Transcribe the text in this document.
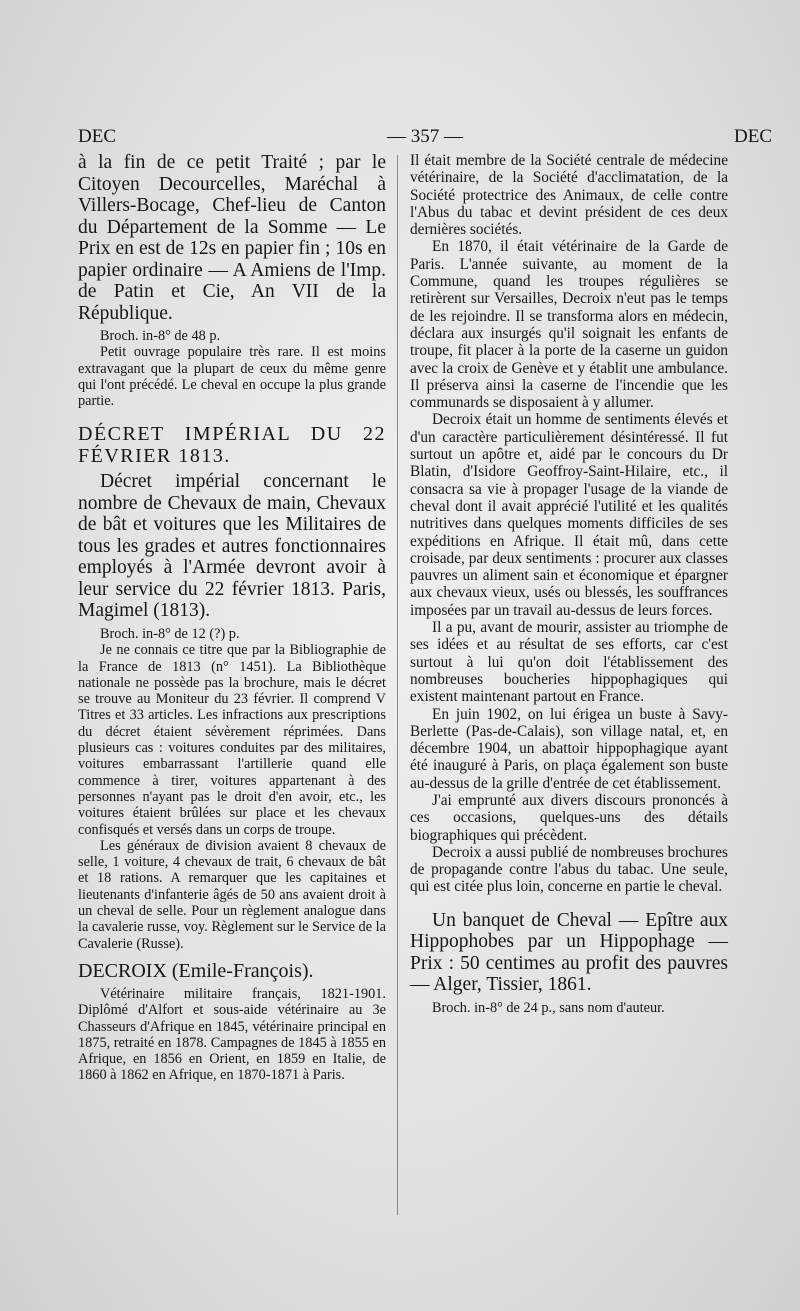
DEC	— 357 —	DEC

à la fin de ce petit Traité ; par le Citoyen Decourcelles, Maréchal à Villers-Bocage, Chef-lieu de Canton du Département de la Somme — Le Prix en est de 12s en papier fin ; 10s en papier ordinaire — A Amiens de l'Imp. de Patin et Cie, An VII de la République.

Broch. in-8° de 48 p.

Petit ouvrage populaire très rare. Il est moins extravagant que la plupart de ceux du même genre qui l'ont précédé. Le cheval en occupe la plus grande partie.

DÉCRET IMPÉRIAL DU 22 FÉVRIER 1813.

Décret impérial concernant le nombre de Chevaux de main, Chevaux de bât et voitures que les Militaires de tous les grades et autres fonctionnaires employés à l'Armée devront avoir à leur service du 22 février 1813. Paris, Magimel (1813).

Broch. in-8° de 12 (?) p.

Je ne connais ce titre que par la Bibliographie de la France de 1813 (n° 1451). La Bibliothèque nationale ne possède pas la brochure, mais le décret se trouve au Moniteur du 23 février. Il comprend V Titres et 33 articles. Les infractions aux prescriptions du décret étaient sévèrement réprimées. Dans plusieurs cas : voitures conduites par des militaires, voitures embarrassant l'artillerie quand elle commence à tirer, voitures appartenant à des personnes n'ayant pas le droit d'en avoir, etc., les voitures étaient brûlées sur place et les chevaux confisqués et versés dans un corps de troupe.

Les généraux de division avaient 8 chevaux de selle, 1 voiture, 4 chevaux de trait, 6 chevaux de bât et 18 rations. A remarquer que les capitaines et lieutenants d'infanterie âgés de 50 ans avaient droit à un cheval de selle. Pour un règlement analogue dans la cavalerie russe, voy. Règlement sur le Service de la Cavalerie (Russe).

DECROIX (Emile-François).

Vétérinaire militaire français, 1821-1901. Diplômé d'Alfort et sous-aide vétérinaire au 3e Chasseurs d'Afrique en 1845, vétérinaire principal en 1875, retraité en 1878. Campagnes de 1845 à 1855 en Afrique, en 1856 en Orient, en 1859 en Italie, de 1860 à 1862 en Afrique, en 1870-1871 à Paris.

Il était membre de la Société centrale de médecine vétérinaire, de la Société d'acclimatation, de la Société protectrice des Animaux, de celle contre l'Abus du tabac et devint président de ces deux dernières sociétés.

En 1870, il était vétérinaire de la Garde de Paris. L'année suivante, au moment de la Commune, quand les troupes régulières se retirèrent sur Versailles, Decroix n'eut pas le temps de les rejoindre. Il se transforma alors en médecin, déclara aux insurgés qu'il soignait les enfants de troupe, fit placer à la porte de la caserne un guidon avec la croix de Genève et y établit une ambulance. Il préserva ainsi la caserne de l'incendie que les communards se disposaient à y allumer.

Decroix était un homme de sentiments élevés et d'un caractère particulièrement désintéressé. Il fut surtout un apôtre et, aidé par le concours du Dr Blatin, d'Isidore Geoffroy-Saint-Hilaire, etc., il consacra sa vie à propager l'usage de la viande de cheval dont il avait apprécié l'utilité et les qualités nutritives dans quelques moments difficiles de ses expéditions en Afrique. Il était mû, dans cette croisade, par deux sentiments : procurer aux classes pauvres un aliment sain et économique et épargner aux chevaux vieux, usés ou blessés, les souffrances imposées par un travail au-dessus de leurs forces.

Il a pu, avant de mourir, assister au triomphe de ses idées et au résultat de ses efforts, car c'est surtout à lui qu'on doit l'établissement des nombreuses boucheries hippophagiques qui existent maintenant partout en France.

En juin 1902, on lui érigea un buste à Savy-Berlette (Pas-de-Calais), son village natal, et, en décembre 1904, un abattoir hippophagique ayant été inauguré à Paris, on plaça également son buste au-dessus de la grille d'entrée de cet établissement.

J'ai emprunté aux divers discours prononcés à ces occasions, quelques-uns des détails biographiques qui précèdent.

Decroix a aussi publié de nombreuses brochures de propagande contre l'abus du tabac. Une seule, qui est citée plus loin, concerne en partie le cheval.

Un banquet de Cheval — Epître aux Hippophobes par un Hippophage — Prix : 50 centimes au profit des pauvres — Alger, Tissier, 1861.

Broch. in-8° de 24 p., sans nom d'auteur.
